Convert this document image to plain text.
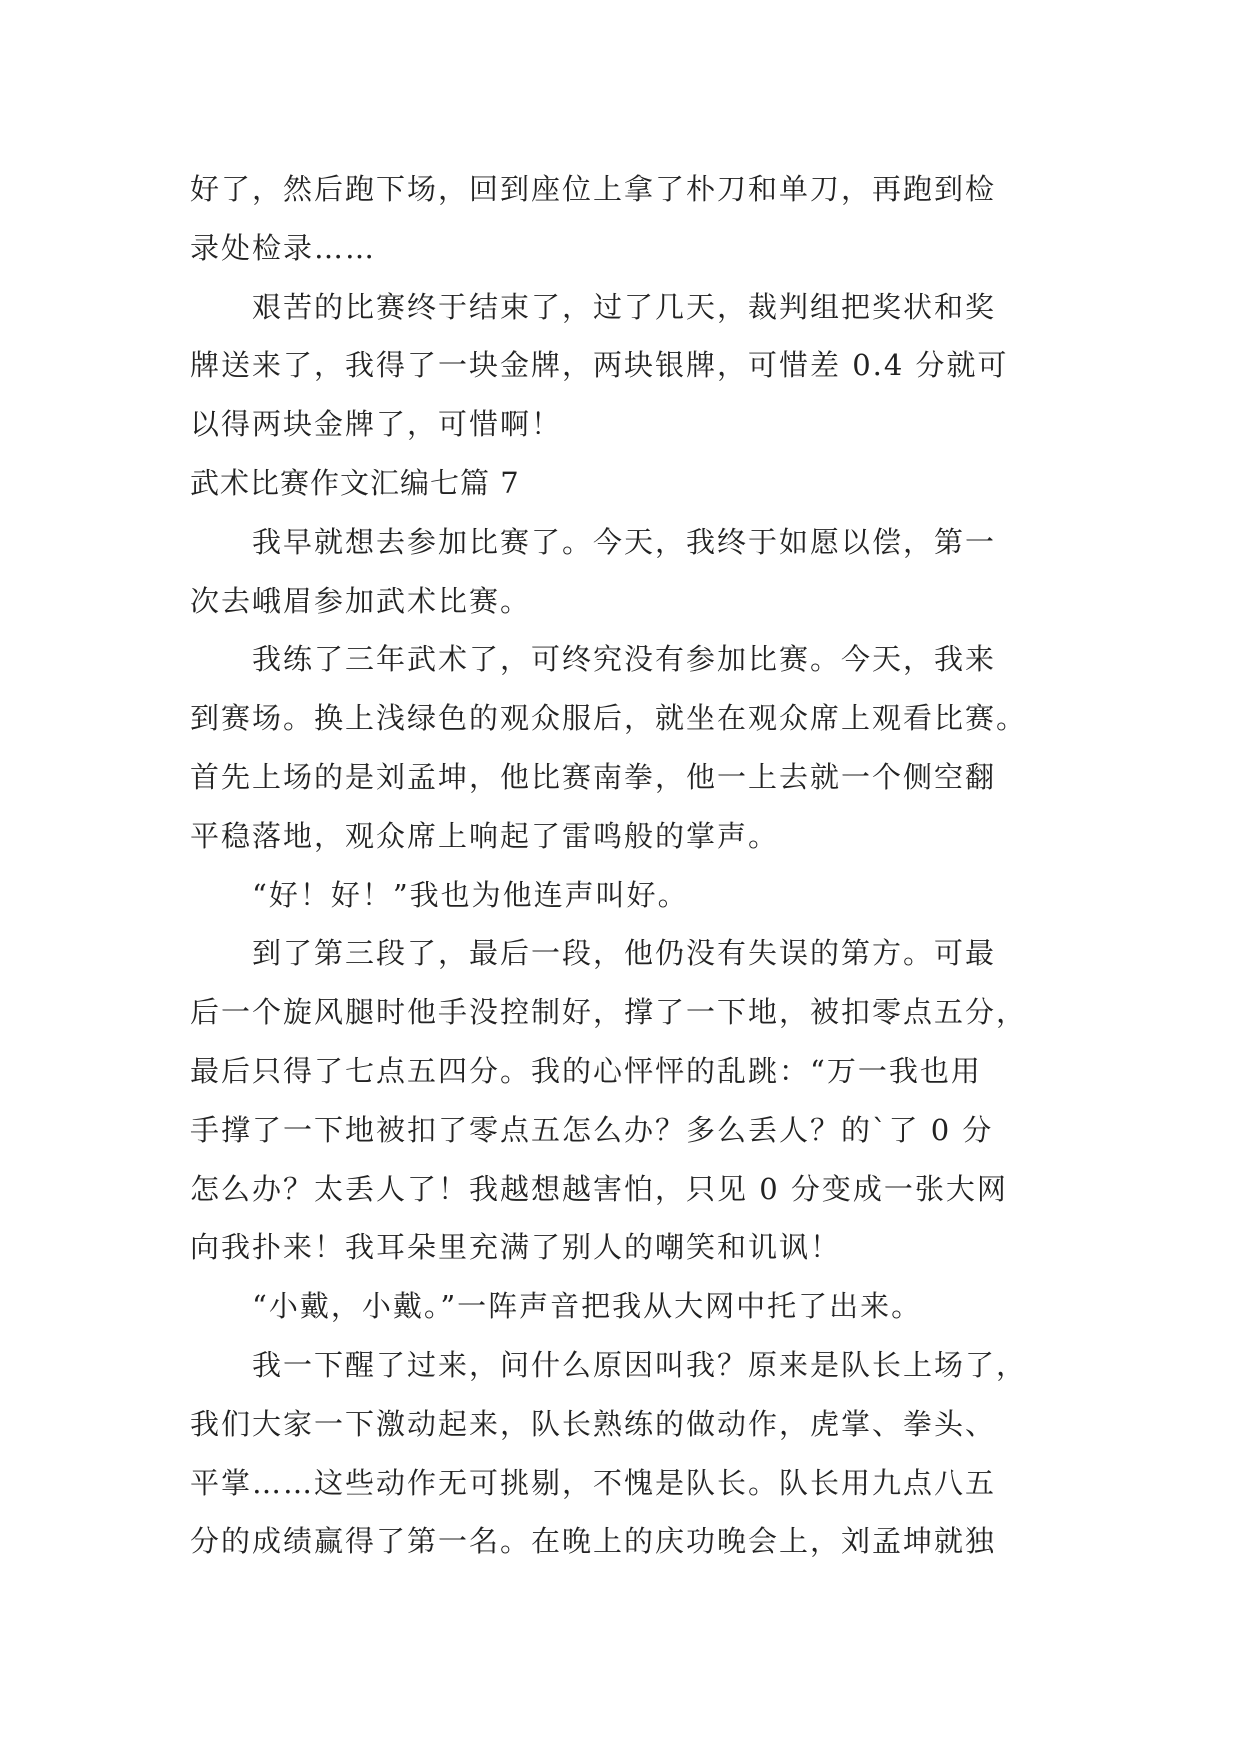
好了，然后跑下场，回到座位上拿了朴刀和单刀，再跑到检
录处检录……
艰苦的比赛终于结束了，过了几天，裁判组把奖状和奖
牌送来了，我得了一块金牌，两块银牌，可惜差 0.4 分就可
以得两块金牌了，可惜啊！
武术比赛作文汇编七篇 7
我早就想去参加比赛了。今天，我终于如愿以偿，第一
次去峨眉参加武术比赛。
我练了三年武术了，可终究没有参加比赛。今天，我来
到赛场。换上浅绿色的观众服后，就坐在观众席上观看比赛。
首先上场的是刘孟坤，他比赛南拳，他一上去就一个侧空翻
平稳落地，观众席上响起了雷鸣般的掌声。
“好！好！”我也为他连声叫好。
到了第三段了，最后一段，他仍没有失误的第方。可最
后一个旋风腿时他手没控制好，撑了一下地，被扣零点五分，
最后只得了七点五四分。我的心怦怦的乱跳：“万一我也用
手撑了一下地被扣了零点五怎么办？多么丢人？的`了 0 分
怎么办？太丢人了！我越想越害怕，只见 0 分变成一张大网
向我扑来！我耳朵里充满了别人的嘲笑和讥讽！
“小戴，小戴。”一阵声音把我从大网中托了出来。
我一下醒了过来，问什么原因叫我？原来是队长上场了，
我们大家一下激动起来，队长熟练的做动作，虎掌、拳头、
平掌……这些动作无可挑剔，不愧是队长。队长用九点八五
分的成绩赢得了第一名。在晚上的庆功晚会上，刘孟坤就独
